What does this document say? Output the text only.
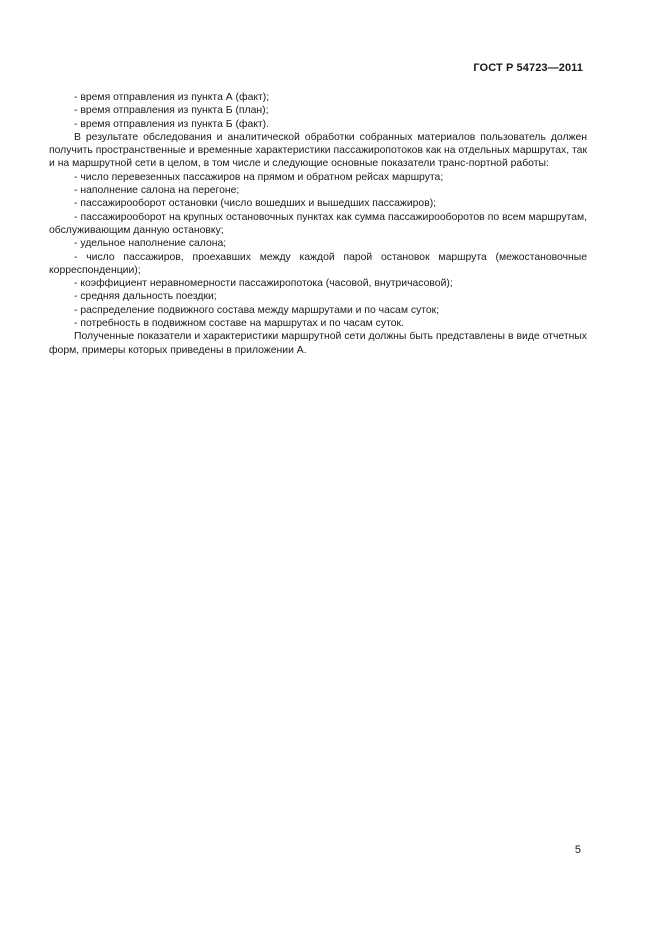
ГОСТ Р 54723—2011

- время отправления из пункта А (факт);

- время отправления из пункта Б (план);

- время отправления из пункта Б (факт).

В результате обследования и аналитической обработки собранных материалов пользователь должен получить пространственные и временные характеристики пассажиропотоков как на отдельных маршрутах, так и на маршрутной сети в целом, в том числе и следующие основные показатели транс-портной работы:

- число перевезенных пассажиров на прямом и обратном рейсах маршрута;

- наполнение салона на перегоне;

- пассажирооборот остановки (число вошедших и вышедших пассажиров);

- пассажирооборот на крупных остановочных пунктах как сумма пассажирооборотов по всем маршрутам, обслуживающим данную остановку;

- удельное наполнение салона;

- число пассажиров, проехавших между каждой парой остановок маршрута (межостановочные корреспонденции);

- коэффициент неравномерности пассажиропотока (часовой, внутричасовой);

- средняя дальность поездки;

- распределение подвижного состава между маршрутами и по часам суток;

- потребность в подвижном составе на маршрутах и по часам суток.

Полученные показатели и характеристики маршрутной сети должны быть представлены в виде отчетных форм, примеры которых приведены в приложении А.

5
